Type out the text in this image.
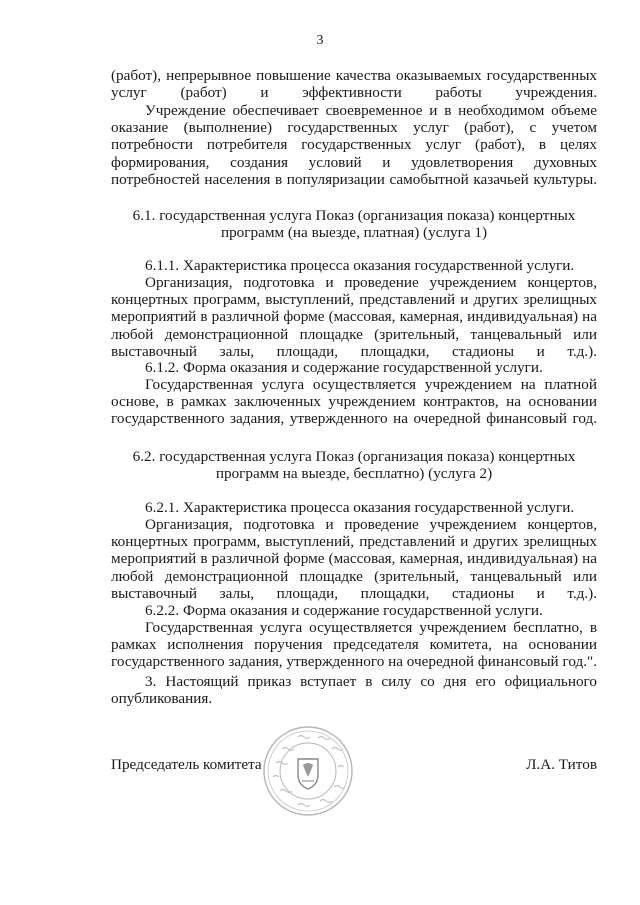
3
(работ), непрерывное повышение качества оказываемых государственных услуг (работ) и эффективности работы учреждения.
Учреждение обеспечивает своевременное и в необходимом объеме оказание (выполнение) государственных услуг (работ), с учетом потребности потребителя государственных услуг (работ), в целях формирования, создания условий и удовлетворения духовных потребностей населения в популяризации самобытной казачьей культуры.
6.1. государственная услуга Показ (организация показа) концертных программ (на выезде, платная) (услуга 1)
6.1.1. Характеристика процесса оказания государственной услуги.
Организация, подготовка и проведение учреждением концертов, концертных программ, выступлений, представлений и других зрелищных мероприятий в различной форме (массовая, камерная, индивидуальная) на любой демонстрационной площадке (зрительный, танцевальный или выставочный залы, площади, площадки, стадионы и т.д.).
6.1.2. Форма оказания и содержание государственной услуги.
Государственная услуга осуществляется учреждением на платной основе, в рамках заключенных учреждением контрактов, на основании государственного задания, утвержденного на очередной финансовый год.
6.2. государственная услуга Показ (организация показа) концертных программ на выезде, бесплатно) (услуга 2)
6.2.1. Характеристика процесса оказания государственной услуги.
Организация, подготовка и проведение учреждением концертов, концертных программ, выступлений, представлений и других зрелищных мероприятий в различной форме (массовая, камерная, индивидуальная) на любой демонстрационной площадке (зрительный, танцевальный или выставочный залы, площади, площадки, стадионы и т.д.).
6.2.2. Форма оказания и содержание государственной услуги.
Государственная услуга осуществляется учреждением бесплатно, в рамках исполнения поручения председателя комитета, на основании государственного задания, утвержденного на очередной финансовый год.".
3. Настоящий приказ вступает в силу со дня его официального опубликования.
Председатель комитета	Л.А. Титов
